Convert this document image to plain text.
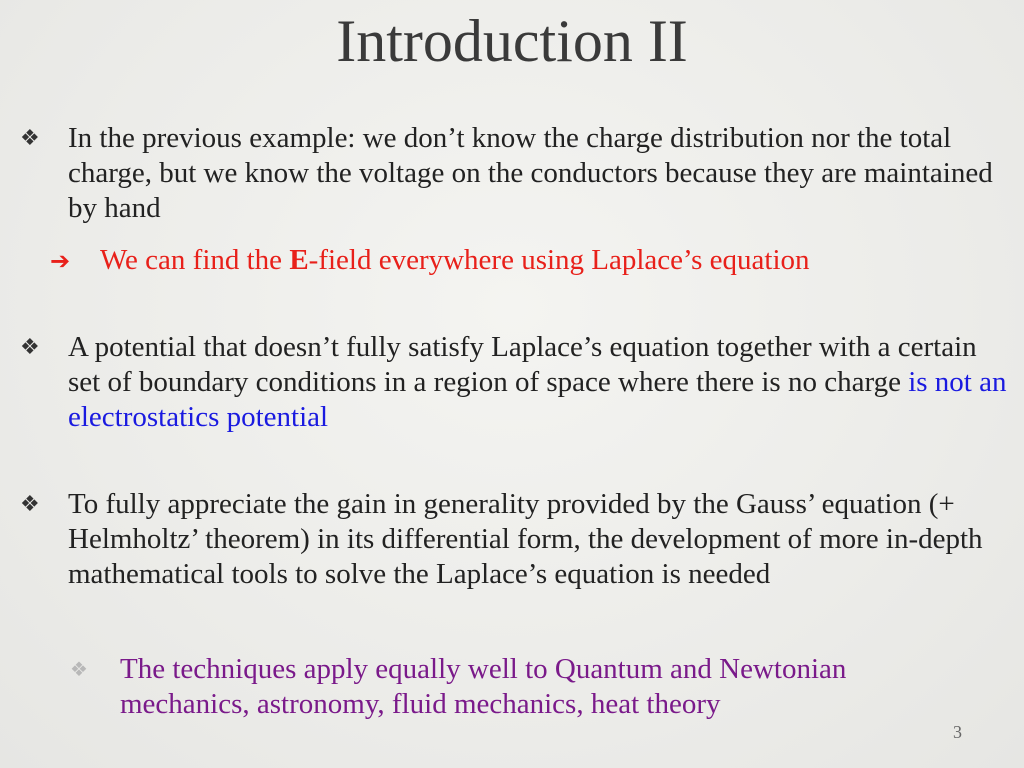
Introduction II
❖ In the previous example: we don’t know the charge distribution nor the total charge, but we know the voltage on the conductors because they are maintained by hand
➔ We can find the E-field everywhere using Laplace’s equation
❖ A potential that doesn’t fully satisfy Laplace’s equation together with a certain set of boundary conditions in a region of space where there is no charge is not an electrostatics potential
❖ To fully appreciate the gain in generality provided by the Gauss’ equation (+ Helmholtz’ theorem) in its differential form, the development of more in-depth mathematical tools to solve the Laplace’s equation is needed
❖ The techniques apply equally well to Quantum and Newtonian mechanics, astronomy, fluid mechanics, heat theory
3
